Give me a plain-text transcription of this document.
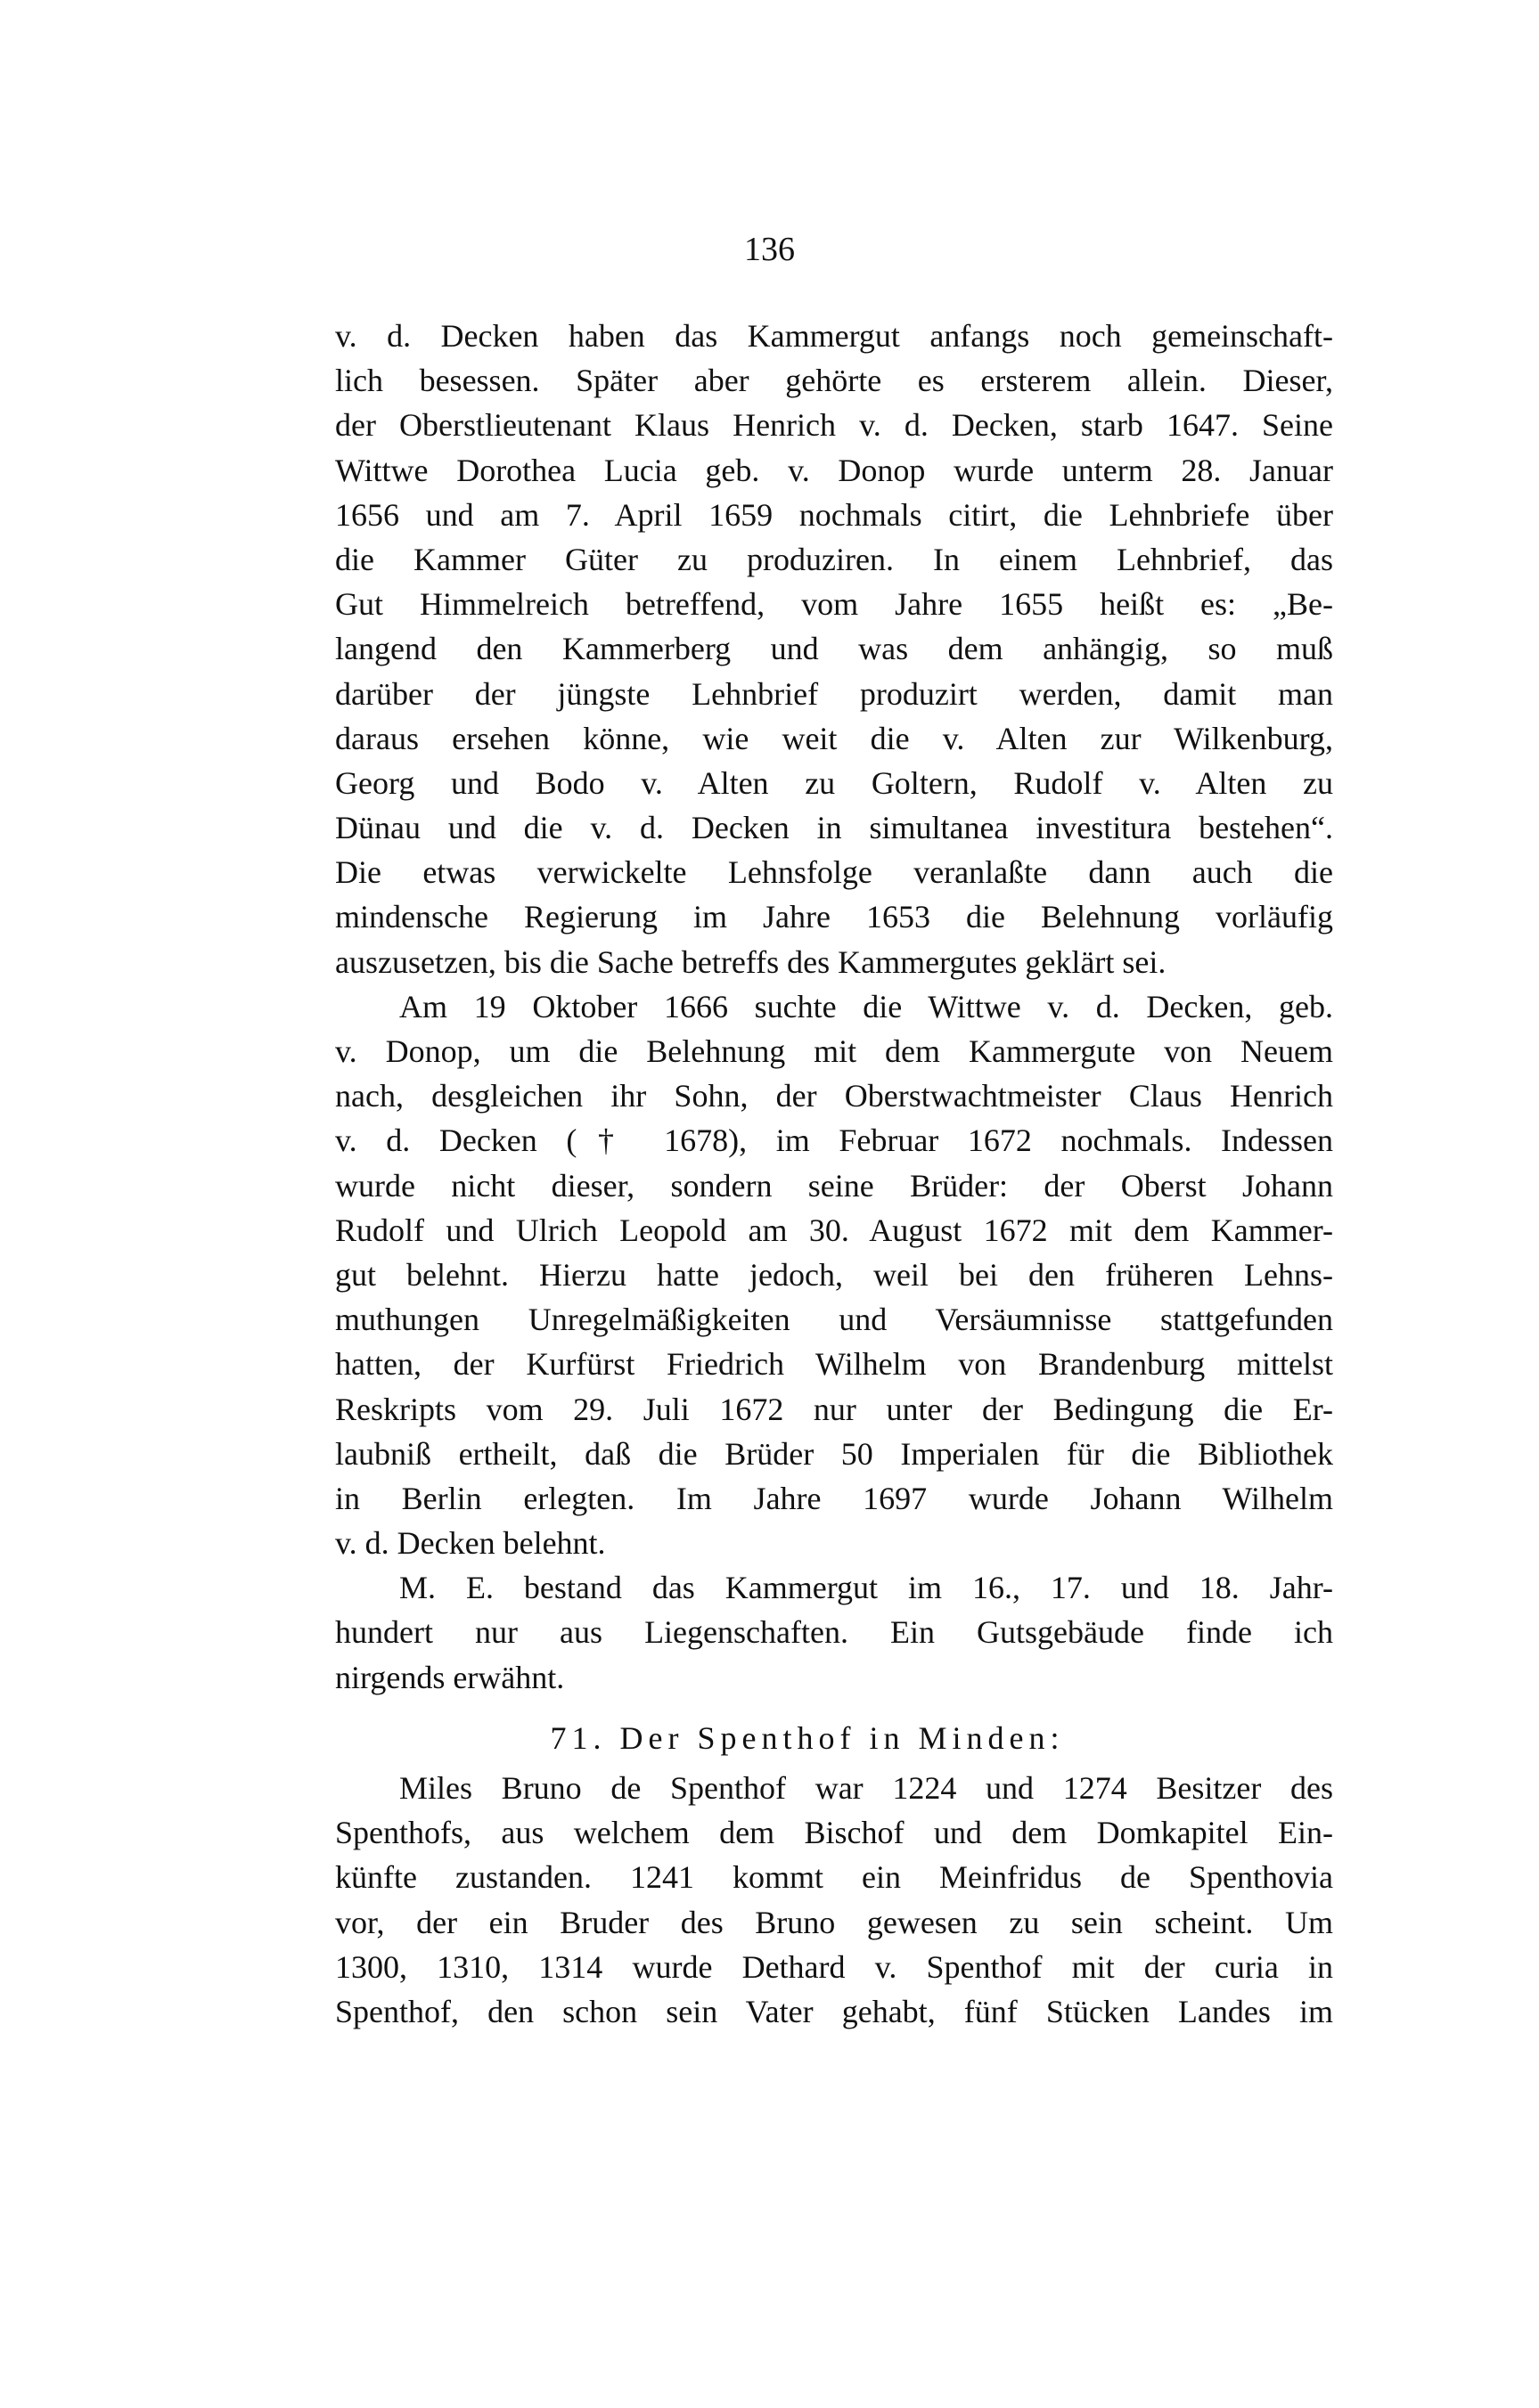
136
v. d. Decken haben das Kammergut anfangs noch gemeinschaft-
lich besessen. Später aber gehörte es ersterem allein. Dieser,
der Oberstlieutenant Klaus Henrich v. d. Decken, starb 1647. Seine
Wittwe Dorothea Lucia geb. v. Donop wurde unterm 28. Januar
1656 und am 7. April 1659 nochmals citirt, die Lehnbriefe über
die Kammer Güter zu produziren. In einem Lehnbrief, das
Gut Himmelreich betreffend, vom Jahre 1655 heißt es: „Be-
langend den Kammerberg und was dem anhängig, so muß
darüber der jüngste Lehnbrief produzirt werden, damit man
daraus ersehen könne, wie weit die v. Alten zur Wilkenburg,
Georg und Bodo v. Alten zu Goltern, Rudolf v. Alten zu
Dünau und die v. d. Decken in simultanea investitura bestehen“.
Die etwas verwickelte Lehnsfolge veranlaßte dann auch die
mindensche Regierung im Jahre 1653 die Belehnung vorläufig
auszusetzen, bis die Sache betreffs des Kammergutes geklärt sei.
Am 19 Oktober 1666 suchte die Wittwe v. d. Decken, geb.
v. Donop, um die Belehnung mit dem Kammergute von Neuem
nach, desgleichen ihr Sohn, der Oberstwachtmeister Claus Henrich
v. d. Decken († 1678), im Februar 1672 nochmals. Indessen
wurde nicht dieser, sondern seine Brüder: der Oberst Johann
Rudolf und Ulrich Leopold am 30. August 1672 mit dem Kammer-
gut belehnt. Hierzu hatte jedoch, weil bei den früheren Lehns-
muthungen Unregelmäßigkeiten und Versäumnisse stattgefunden
hatten, der Kurfürst Friedrich Wilhelm von Brandenburg mittelst
Reskripts vom 29. Juli 1672 nur unter der Bedingung die Er-
laubniß ertheilt, daß die Brüder 50 Imperialen für die Bibliothek
in Berlin erlegten. Im Jahre 1697 wurde Johann Wilhelm
v. d. Decken belehnt.
M. E. bestand das Kammergut im 16., 17. und 18. Jahr-
hundert nur aus Liegenschaften. Ein Gutsgebäude finde ich
nirgends erwähnt.
71. Der Spenthof in Minden:
Miles Bruno de Spenthof war 1224 und 1274 Besitzer des
Spenthofs, aus welchem dem Bischof und dem Domkapitel Ein-
künfte zustanden. 1241 kommt ein Meinfridus de Spenthovia
vor, der ein Bruder des Bruno gewesen zu sein scheint. Um
1300, 1310, 1314 wurde Dethard v. Spenthof mit der curia in
Spenthof, den schon sein Vater gehabt, fünf Stücken Landes im
